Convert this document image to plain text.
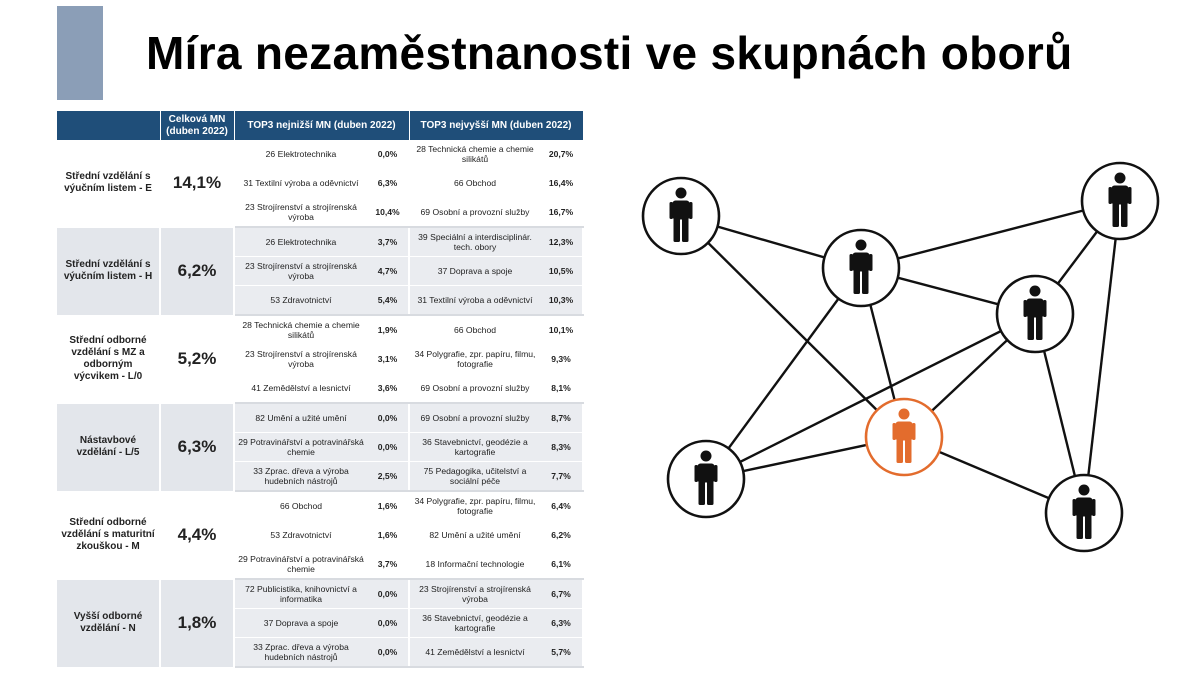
Míra nezaměstnanosti ve skupnách oborů
	Celková MN (duben 2022)	TOP3 nejnižší MN (duben 2022)		TOP3 nejvyšší MN (duben 2022)	
Střední vzdělání s výučním listem - E	14,1%	26 Elektrotechnika	0,0%	28 Technická chemie a chemie silikátů	20,7%
		31 Textilní výroba a oděvnictví	6,3%	66 Obchod	16,4%
		23 Strojírenství a strojírenská výroba	10,4%	69 Osobní a provozní služby	16,7%
Střední vzdělání s výučním listem - H	6,2%	26 Elektrotechnika	3,7%	39 Speciální a interdisciplinár. tech. obory	12,3%
		23 Strojírenství a strojírenská výroba	4,7%	37 Doprava a spoje	10,5%
		53 Zdravotnictví	5,4%	31 Textilní výroba a oděvnictví	10,3%
Střední odborné vzdělání s MZ a odborným výcvikem - L/0	5,2%	28 Technická chemie a chemie silikátů	1,9%	66 Obchod	10,1%
		23 Strojírenství a strojírenská výroba	3,1%	34 Polygrafie, zpr. papíru, filmu, fotografie	9,3%
		41 Zemědělství a lesnictví	3,6%	69 Osobní a provozní služby	8,1%
Nástavbové vzdělání - L/5	6,3%	82 Umění a užité umění	0,0%	69 Osobní a provozní služby	8,7%
		29 Potravinářství a potravinářská chemie	0,0%	36 Stavebnictví, geodézie a kartografie	8,3%
		33 Zprac. dřeva a výroba hudebních nástrojů	2,5%	75 Pedagogika, učitelství a sociální péče	7,7%
Střední odborné vzdělání s maturitní zkouškou - M	4,4%	66 Obchod	1,6%	34 Polygrafie, zpr. papíru, filmu, fotografie	6,4%
		53 Zdravotnictví	1,6%	82 Umění a užité umění	6,2%
		29 Potravinářství a potravinářská chemie	3,7%	18 Informační technologie	6,1%
Vyšší odborné vzdělání - N	1,8%	72 Publicistika, knihovnictví a informatika	0,0%	23 Strojírenství a strojírenská výroba	6,7%
		37 Doprava a spoje	0,0%	36 Stavebnictví, geodézie a kartografie	6,3%
		33 Zprac. dřeva a výroba hudebních nástrojů	0,0%	41 Zemědělství a lesnictví	5,7%
